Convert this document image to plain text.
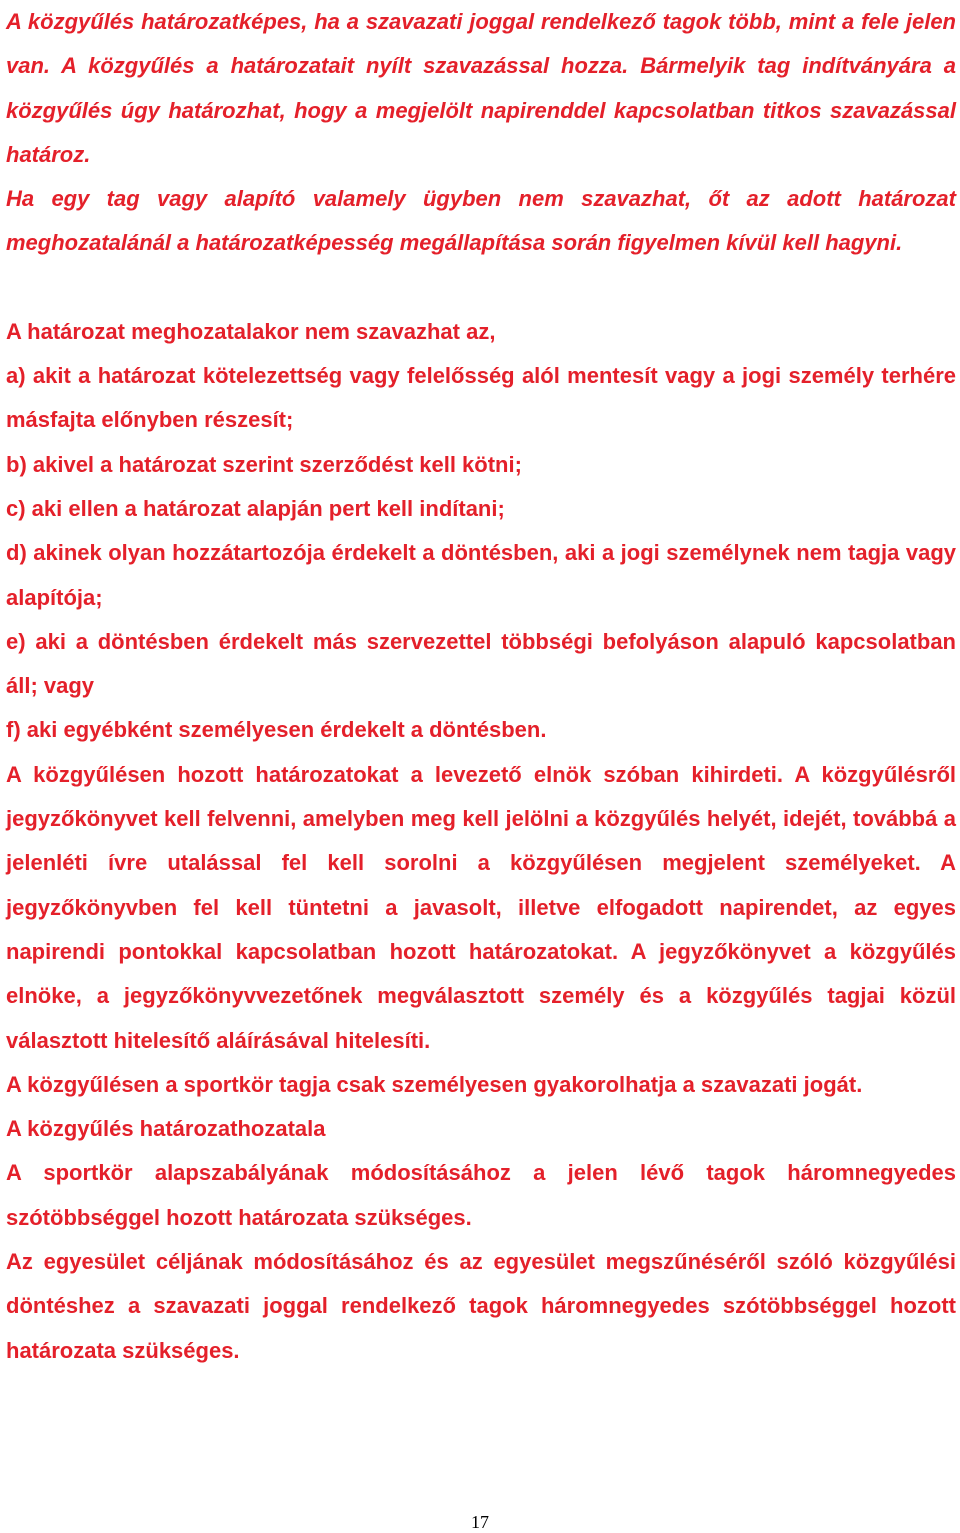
A közgyűlés határozatképes, ha a szavazati joggal rendelkező tagok több, mint a fele jelen van. A közgyűlés a határozatait nyílt szavazással hozza. Bármelyik tag indítványára a közgyűlés úgy határozhat, hogy a megjelölt napirenddel kapcsolatban titkos szavazással határoz.

Ha egy tag vagy alapító valamely ügyben nem szavazhat, őt az adott határozat meghozatalánál a határozatképesség megállapítása során figyelmen kívül kell hagyni.

A határozat meghozatalakor nem szavazhat az,

a) akit a határozat kötelezettség vagy felelősség alól mentesít vagy a jogi személy terhére másfajta előnyben részesít;

b) akivel a határozat szerint szerződést kell kötni;

c) aki ellen a határozat alapján pert kell indítani;

d) akinek olyan hozzátartozója érdekelt a döntésben, aki a jogi személynek nem tagja vagy alapítója;

e) aki a döntésben érdekelt más szervezettel többségi befolyáson alapuló kapcsolatban áll; vagy

f) aki egyébként személyesen érdekelt a döntésben.

A közgyűlésen hozott határozatokat a levezető elnök szóban kihirdeti. A közgyűlésről jegyzőkönyvet kell felvenni, amelyben meg kell jelölni a közgyűlés helyét, idejét, továbbá a jelenléti ívre utalással fel kell sorolni a közgyűlésen megjelent személyeket. A jegyzőkönyvben fel kell tüntetni a javasolt, illetve elfogadott napirendet, az egyes napirendi pontokkal kapcsolatban hozott határozatokat. A jegyzőkönyvet a közgyűlés elnöke, a jegyzőkönyvvezetőnek megválasztott személy és a közgyűlés tagjai közül választott hitelesítő aláírásával hitelesíti.

A közgyűlésen a sportkör tagja csak személyesen gyakorolhatja a szavazati jogát.

A közgyűlés határozathozatala

A sportkör alapszabályának módosításához a jelen lévő tagok háromnegyedes szótöbbséggel hozott határozata szükséges.

Az egyesület céljának módosításához és az egyesület megszűnéséről szóló közgyűlési döntéshez a szavazati joggal rendelkező tagok háromnegyedes szótöbbséggel hozott határozata szükséges.

17
